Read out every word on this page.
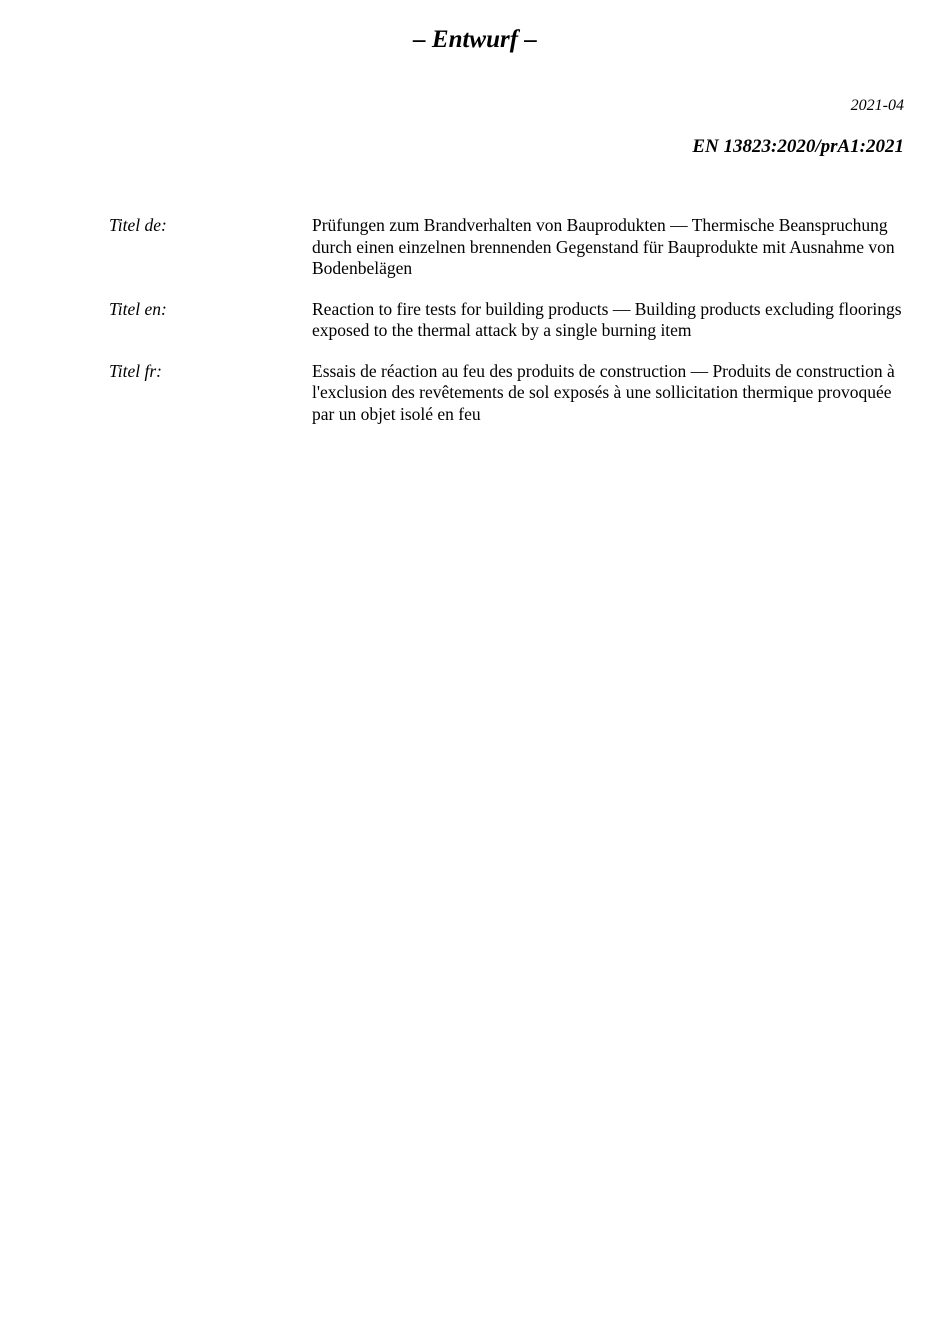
– Entwurf –
2021-04
EN 13823:2020/prA1:2021
Titel de:	Prüfungen zum Brandverhalten von Bauprodukten — Thermische Beanspruchung durch einen einzelnen brennenden Gegenstand für Bauprodukte mit Ausnahme von Bodenbelägen
Titel en:	Reaction to fire tests for building products — Building products excluding floorings exposed to the thermal attack by a single burning item
Titel fr:	Essais de réaction au feu des produits de construction — Produits de construction à l'exclusion des revêtements de sol exposés à une sollicitation thermique provoquée par un objet isolé en feu
